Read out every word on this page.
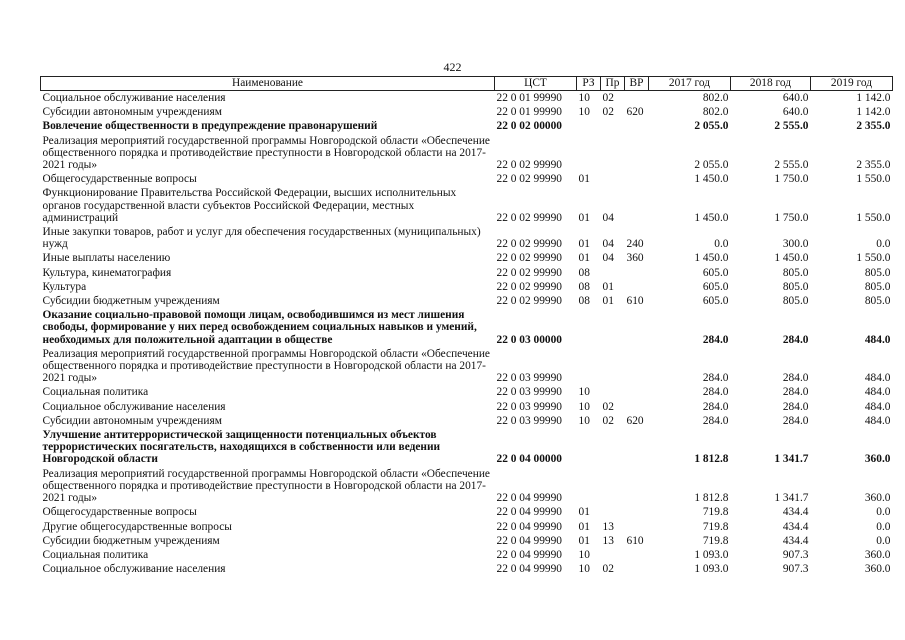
422
Наименование	ЦСТ	РЗ	Пр	ВР	2017 год	2018 год	2019 год
Социальное обслуживание населения	22 0 01 99990	10	02		802.0	640.0	1 142.0
Субсидии автономным учреждениям	22 0 01 99990	10	02	620	802.0	640.0	1 142.0
Вовлечение общественности в предупреждение правонарушений	22 0 02 00000				2 055.0	2 555.0	2 355.0
Реализация мероприятий государственной программы Новгородской области «Обеспечение общественного порядка и противодействие преступности в Новгородской области на 2017-2021 годы»	22 0 02 99990				2 055.0	2 555.0	2 355.0
Общегосударственные вопросы	22 0 02 99990	01			1 450.0	1 750.0	1 550.0
Функционирование Правительства Российской Федерации, высших исполнительных органов государственной власти субъектов Российской Федерации, местных администраций	22 0 02 99990	01	04		1 450.0	1 750.0	1 550.0
Иные закупки товаров, работ и услуг для обеспечения государственных (муниципальных) нужд	22 0 02 99990	01	04	240	0.0	300.0	0.0
Иные выплаты населению	22 0 02 99990	01	04	360	1 450.0	1 450.0	1 550.0
Культура, кинематография	22 0 02 99990	08			605.0	805.0	805.0
Культура	22 0 02 99990	08	01		605.0	805.0	805.0
Субсидии бюджетным учреждениям	22 0 02 99990	08	01	610	605.0	805.0	805.0
Оказание социально-правовой помощи лицам, освободившимся из мест лишения свободы, формирование у них перед освобождением социальных навыков и умений, необходимых для положительной адаптации в обществе	22 0 03 00000				284.0	284.0	484.0
Реализация мероприятий государственной программы Новгородской области «Обеспечение общественного порядка и противодействие преступности в Новгородской области на 2017-2021 годы»	22 0 03 99990				284.0	284.0	484.0
Социальная политика	22 0 03 99990	10			284.0	284.0	484.0
Социальное обслуживание населения	22 0 03 99990	10	02		284.0	284.0	484.0
Субсидии автономным учреждениям	22 0 03 99990	10	02	620	284.0	284.0	484.0
Улучшение антитеррористической защищенности потенциальных объектов террористических посягательств, находящихся в собственности или ведении Новгородской области	22 0 04 00000				1 812.8	1 341.7	360.0
Реализация мероприятий государственной программы Новгородской области «Обеспечение общественного порядка и противодействие преступности в Новгородской области на 2017-2021 годы»	22 0 04 99990				1 812.8	1 341.7	360.0
Общегосударственные вопросы	22 0 04 99990	01			719.8	434.4	0.0
Другие общегосударственные вопросы	22 0 04 99990	01	13		719.8	434.4	0.0
Субсидии бюджетным учреждениям	22 0 04 99990	01	13	610	719.8	434.4	0.0
Социальная политика	22 0 04 99990	10			1 093.0	907.3	360.0
Социальное обслуживание населения	22 0 04 99990	10	02		1 093.0	907.3	360.0
